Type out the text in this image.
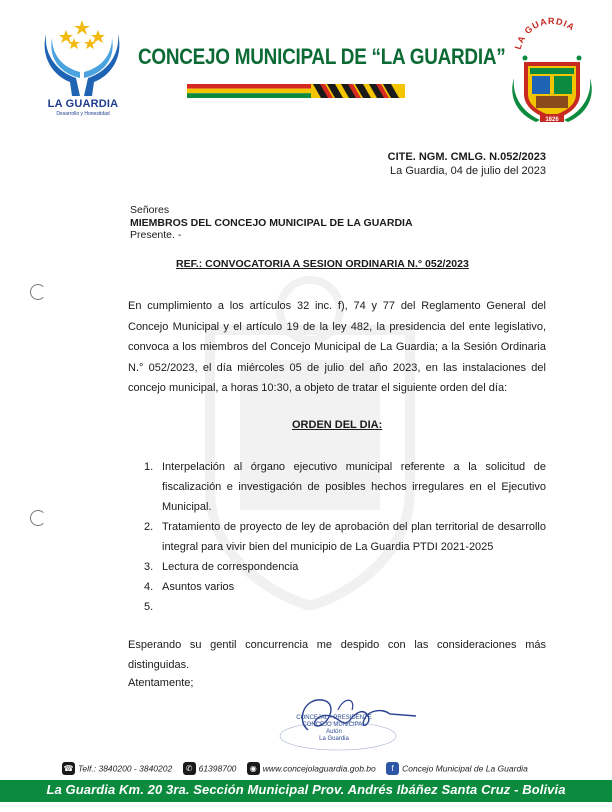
LA GUARDIA
Desarrollo y Honestidad
CONCEJO MUNICIPAL DE “LA GUARDIA” LA GUARDIA
1826
CITE. NGM. CMLG. N.052/2023
La Guardia, 04 de julio del 2023
Señores
MIEMBROS DEL CONCEJO MUNICIPAL DE LA GUARDIA
Presente. -
REF.: CONVOCATORIA A SESION ORDINARIA N.° 052/2023
En cumplimiento a los artículos 32 inc. f), 74 y 77 del Reglamento General del Concejo Municipal y el artículo 19 de la ley 482, la presidencia del ente legislativo, convoca a los miembros del Concejo Municipal de La Guardia; a la Sesión Ordinaria N.° 052/2023, el día miércoles 05 de julio del año 2023, en las instalaciones del concejo municipal, a horas 10:30, a objeto de tratar el siguiente orden del día:
ORDEN DEL DIA:
1. Interpelación al órgano ejecutivo municipal referente a la solicitud de fiscalización e investigación de posibles hechos irregulares en el Ejecutivo Municipal.
2. Tratamiento de proyecto de ley de aprobación del plan territorial de desarrollo integral para vivir bien del municipio de La Guardia PTDI 2021-2025
3. Lectura de correspondencia
4. Asuntos varios
5.

Esperando su gentil concurrencia me despido con las consideraciones más distinguidas.
Atentamente;
CONCEJAL - PRESIDENTE
CONCEJO MUNICIPAL
Autón
La Guardia
☎ Telf.: 3840200 - 3840202 ✆ 61398700 ◉ www.concejolaguardia.gob.bo f Concejo Municipal de La Guardia
La Guardia Km. 20 3ra. Sección Municipal Prov. Andrés Ibáñez Santa Cruz - Bolivia
